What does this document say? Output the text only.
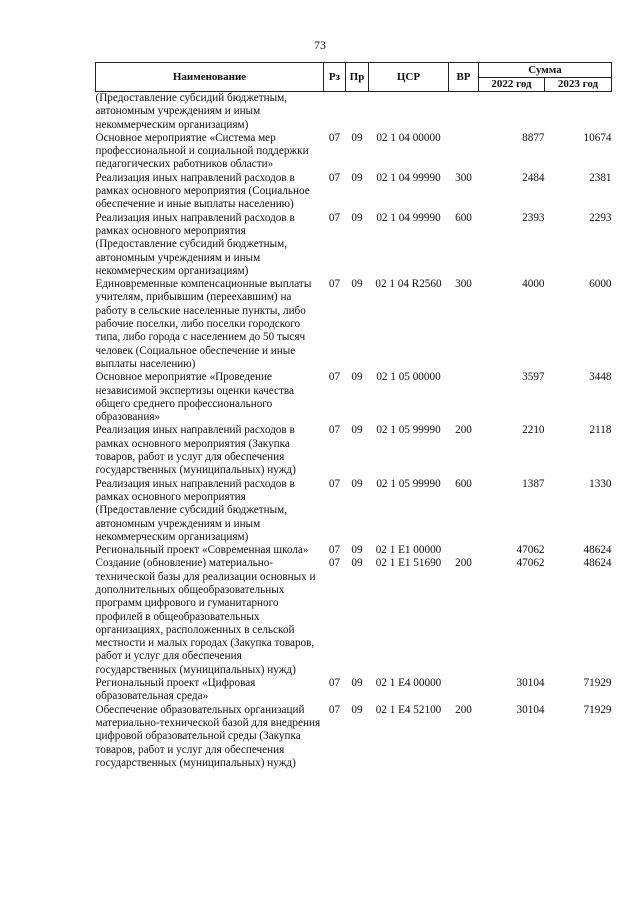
73
Наименование	Рз	Пр	ЦСР	ВР	Сумма	
					2022 год	2023 год
(Предоставление субсидий бюджетным, автономным учреждениям и иным некоммерческим организациям)						
Основное мероприятие «Система мер профессиональной и социальной поддержки педагогических работников области»	07	09	02 1 04 00000		8877	10674
Реализация иных направлений расходов в рамках основного мероприятия (Социальное обеспечение и иные выплаты населению)	07	09	02 1 04 99990	300	2484	2381
Реализация иных направлений расходов в рамках основного мероприятия (Предоставление субсидий бюджетным, автономным учреждениям и иным некоммерческим организациям)	07	09	02 1 04 99990	600	2393	2293
Единовременные компенсационные выплаты учителям, прибывшим (переехавшим) на работу в сельские населенные пункты, либо рабочие поселки, либо поселки городского типа, либо города с населением до 50 тысяч человек (Социальное обеспечение и иные выплаты населению)	07	09	02 1 04 R2560	300	4000	6000
Основное мероприятие «Проведение независимой экспертизы оценки качества общего среднего профессионального образования»	07	09	02 1 05 00000		3597	3448
Реализация иных направлений расходов в рамках основного мероприятия (Закупка товаров, работ и услуг для обеспечения государственных (муниципальных) нужд)	07	09	02 1 05 99990	200	2210	2118
Реализация иных направлений расходов в рамках основного мероприятия (Предоставление субсидий бюджетным, автономным учреждениям и иным некоммерческим организациям)	07	09	02 1 05 99990	600	1387	1330
Региональный проект «Современная школа»	07	09	02 1 E1 00000		47062	48624
Создание (обновление) материально-технической базы для реализации основных и дополнительных общеобразовательных программ цифрового и гуманитарного профилей в общеобразовательных организациях, расположенных в сельской местности и малых городах (Закупка товаров, работ и услуг для обеспечения государственных (муниципальных) нужд)	07	09	02 1 E1 51690	200	47062	48624
Региональный проект «Цифровая образовательная среда»	07	09	02 1 E4 00000		30104	71929
Обеспечение образовательных организаций материально-технической базой для внедрения цифровой образовательной среды (Закупка товаров, работ и услуг для обеспечения государственных (муниципальных) нужд)	07	09	02 1 E4 52100	200	30104	71929
